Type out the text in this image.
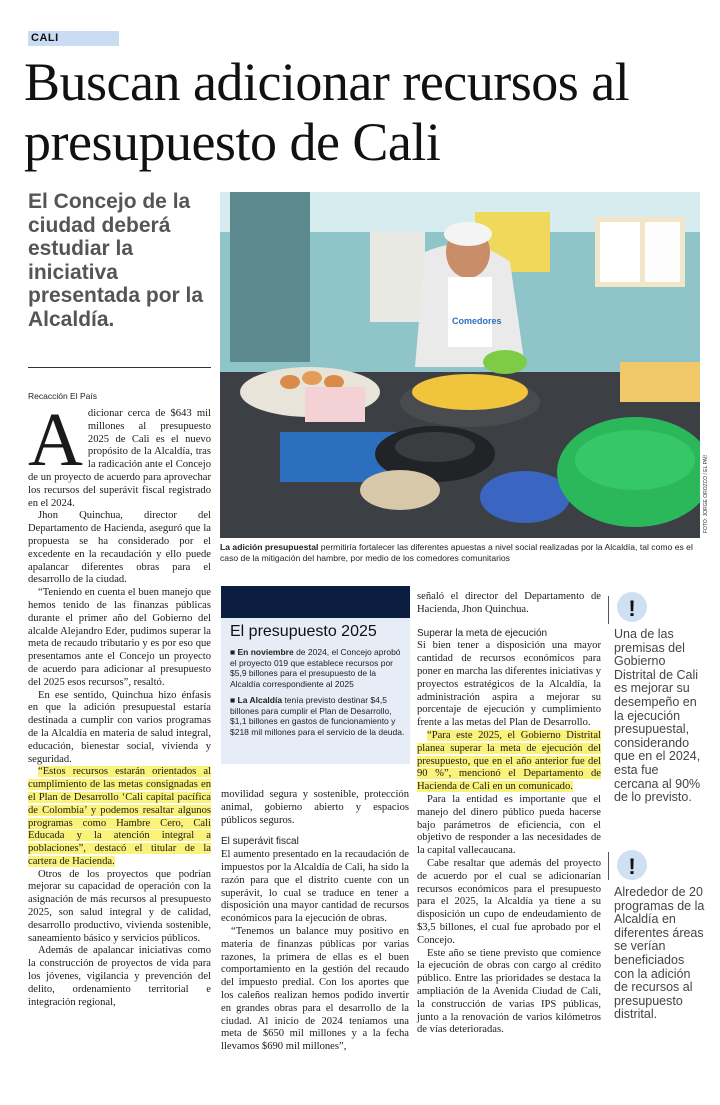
CALI
Buscan adicionar recursos al presupuesto de Cali
El Concejo de la ciudad deberá estudiar la iniciativa presentada por la Alcaldía.
Recacción El País

Adicionar cerca de $643 mil millones al presupuesto 2025 de Cali es el nuevo propósito de la Alcaldía, tras la radicación ante el Concejo de un proyecto de acuerdo para aprovechar los recursos del superávit fiscal registrado en el 2024.

Jhon Quinchua, director del Departamento de Hacienda, aseguró que la propuesta se ha considerado por el excedente en la recaudación y ello puede apalancar diferentes obras para el desarrollo de la ciudad.

“Teniendo en cuenta el buen manejo que hemos tenido de las finanzas públicas durante el primer año del Gobierno del alcalde Alejandro Eder, pudimos superar la meta de recaudo tributario y es por eso que presentamos ante el Concejo un proyecto de acuerdo para adicionar al presupuesto del 2025 esos recursos”, resaltó.

En ese sentido, Quinchua hizo énfasis en que la adición presupuestal estaría destinada a cumplir con varios programas de la Alcaldía en materia de salud integral, educación, bienestar social, vivienda y seguridad.

“Estos recursos estarán orientados al cumplimiento de las metas consignadas en el Plan de Desarrollo ‘Cali capital pacífica de Colombia’ y podemos resaltar algunos programas como Hambre Cero, Cali Educada y la atención integral a poblaciones”, destacó el titular de la cartera de Hacienda.

Otros de los proyectos que podrían mejorar su capacidad de operación con la asignación de más recursos al presupuesto 2025, son salud integral y de calidad, desarrollo productivo, vivienda sostenible, saneamiento básico y servicios públicos.

Además de apalancar iniciativas como la construcción de proyectos de vida para los jóvenes, vigilancia y prevención del delito, ordenamiento territorial e integración regional,

Comedores
FOTO: JORGE OROZCO / EL PAÍS
La adición presupuestal permitiría fortalecer las diferentes apuestas a nivel social realizadas por la Alcaldía, tal como es el caso de la mitigación del hambre, por medio de los comedores comunitarios
El presupuesto 2025

■ En noviembre de 2024, el Concejo aprobó el proyecto 019 que establece recursos por $5,9 billones para el presupuesto de la Alcaldía correspondiente al 2025

■ La Alcaldía tenía previsto destinar $4,5 billones para cumplir el Plan de Desarrollo, $1,1 billones en gastos de funcionamiento y $218 mil millones para el servicio de la deuda.

movilidad segura y sostenible, protección animal, gobierno abierto y espacios públicos seguros.

El superávit fiscal

El aumento presentado en la recaudación de impuestos por la Alcaldía de Cali, ha sido la razón para que el distrito cuente con un superávit, lo cual se traduce en tener a disposición una mayor cantidad de recursos económicos para la ejecución de obras.

“Tenemos un balance muy positivo en materia de finanzas públicas por varias razones, la primera de ellas es el buen comportamiento en la gestión del recaudo del impuesto predial. Con los aportes que los caleños realizan hemos podido invertir en grandes obras para el desarrollo de la ciudad. Al inicio de 2024 teníamos una meta de $650 mil millones y a la fecha llevamos $690 mil millones”,

señaló el director del Departamento de Hacienda, Jhon Quinchua.

Superar la meta de ejecución

Si bien tener a disposición una mayor cantidad de recursos económicos para poner en marcha las diferentes iniciativas y proyectos estratégicos de la Alcaldía, la administración aspira a mejorar su porcentaje de ejecución y cumplimiento frente a las metas del Plan de Desarrollo.

“Para este 2025, el Gobierno Distrital planea superar la meta de ejecución del presupuesto, que en el año anterior fue del 90 %”, mencionó el Departamento de Hacienda de Cali en un comunicado.

Para la entidad es importante que el manejo del dinero público pueda hacerse bajo parámetros de eficiencia, con el objetivo de responder a las necesidades de la capital vallecaucana.

Cabe resaltar que además del proyecto de acuerdo por el cual se adicionarían recursos económicos para el presupuesto para el 2025, la Alcaldía ya tiene a su disposición un cupo de endeudamiento de $3,5 billones, el cual fue aprobado por el Concejo.

Este año se tiene previsto que comience la ejecución de obras con cargo al crédito público. Entre las prioridades se destaca la ampliación de la Avenida Ciudad de Cali, la construcción de varias IPS públicas, junto a la renovación de varios kilómetros de vías deterioradas.

!
Una de las premisas del Gobierno Distrital de Cali es mejorar su desempeño en la ejecución presupuestal, considerando que en el 2024, esta fue cercana al 90% de lo previsto.
!
Alrededor de 20 programas de la Alcaldía en diferentes áreas se verían beneficiados con la adición de recursos al presupuesto distrital.
